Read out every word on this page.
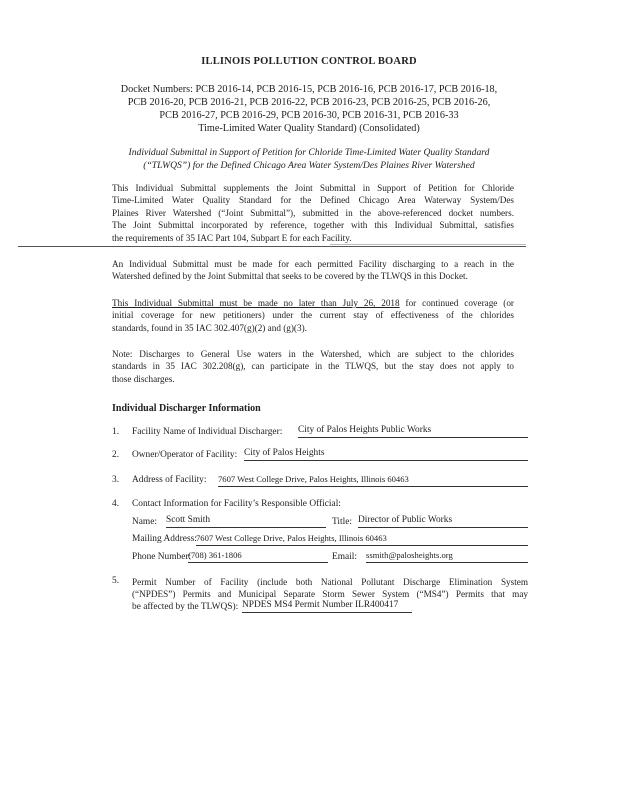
ILLINOIS POLLUTION CONTROL BOARD
Docket Numbers: PCB 2016-14, PCB 2016-15, PCB 2016-16, PCB 2016-17, PCB 2016-18,
PCB 2016-20, PCB 2016-21, PCB 2016-22, PCB 2016-23, PCB 2016-25, PCB 2016-26,
PCB 2016-27, PCB 2016-29, PCB 2016-30, PCB 2016-31, PCB 2016-33
Time-Limited Water Quality Standard) (Consolidated)
Individual Submittal in Support of Petition for Chloride Time-Limited Water Quality Standard
(“TLWQS”) for the Defined Chicago Area Water System/Des Plaines River Watershed
This Individual Submittal supplements the Joint Submittal in Support of Petition for Chloride
Time-Limited Water Quality Standard for the Defined Chicago Area Waterway System/Des
Plaines River Watershed (“Joint Submittal”), submitted in the above-referenced docket numbers.
The Joint Submittal incorporated by reference, together with this Individual Submittal, satisfies
the requirements of 35 IAC Part 104, Subpart E for each Facility.
An Individual Submittal must be made for each permitted Facility discharging to a reach in the
Watershed defined by the Joint Submittal that seeks to be covered by the TLWQS in this Docket.
This Individual Submittal must be made no later than July 26, 2018 for continued coverage (or
initial coverage for new petitioners) under the current stay of effectiveness of the chlorides
standards, found in 35 IAC 302.407(g)(2) and (g)(3).
Note: Discharges to General Use waters in the Watershed, which are subject to the chlorides
standards in 35 IAC 302.208(g), can participate in the TLWQS, but the stay does not apply to
those discharges.
Individual Discharger Information
1. Facility Name of Individual Discharger: City of Palos Heights Public Works
2. Owner/Operator of Facility: City of Palos Heights
3. Address of Facility: 7607 West College Drive, Palos Heights, Illinois 60463
4. Contact Information for Facility’s Responsible Official:
Name: Scott Smith	Title: Director of Public Works
Mailing Address: 7607 West College Drive, Palos Heights, Illinois 60463
Phone Number:
(708) 361-1806	Email: ssmith@palosheights.org
5. Permit Number of Facility (include both National Pollutant Discharge Elimination System
(“NPDES”) Permits and Municipal Separate Storm Sewer System (“MS4”) Permits that may
be affected by the TLWQS): NPDES MS4 Permit Number ILR400417
